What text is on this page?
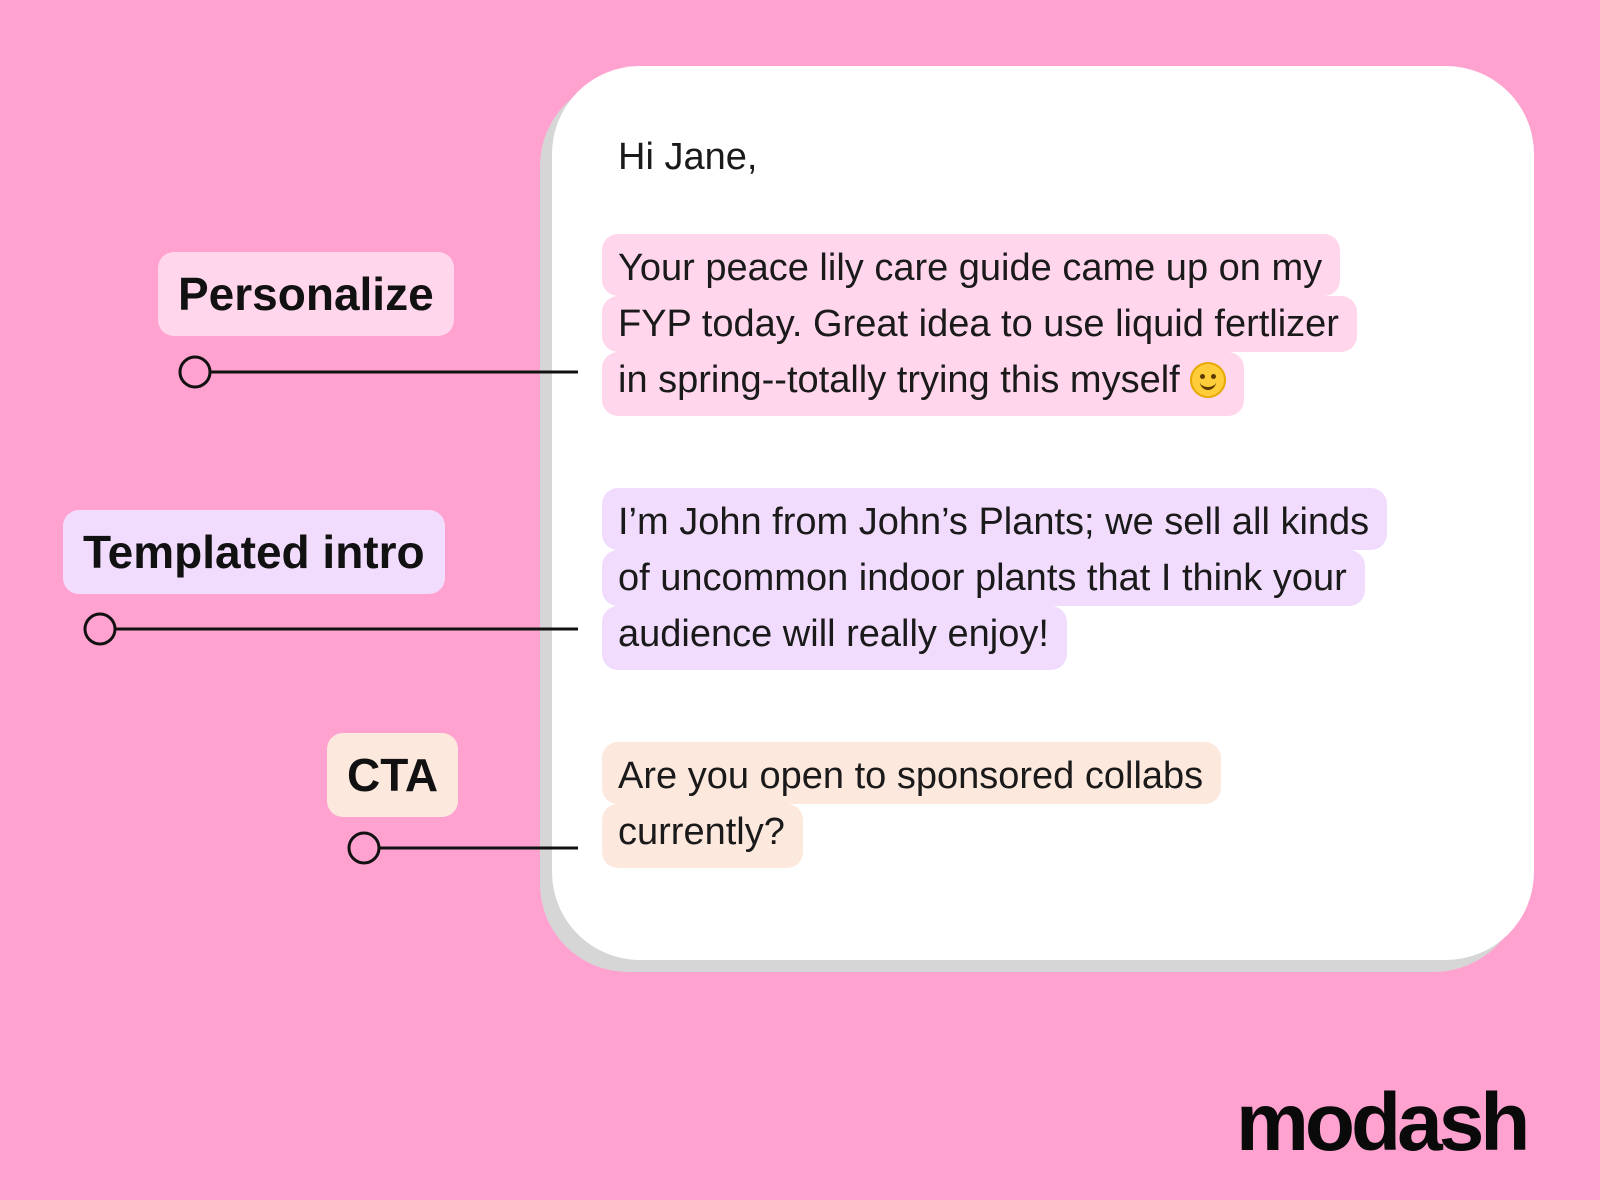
Hi Jane,

Your peace lily care guide came up on my
FYP today. Great idea to use liquid fertlizer
in spring--totally trying this myself
I’m John from John’s Plants; we sell all kinds
of uncommon indoor plants that I think your
audience will really enjoy!
Are you open to sponsored collabs
currently?
Personalize
Templated intro
CTA
modash
